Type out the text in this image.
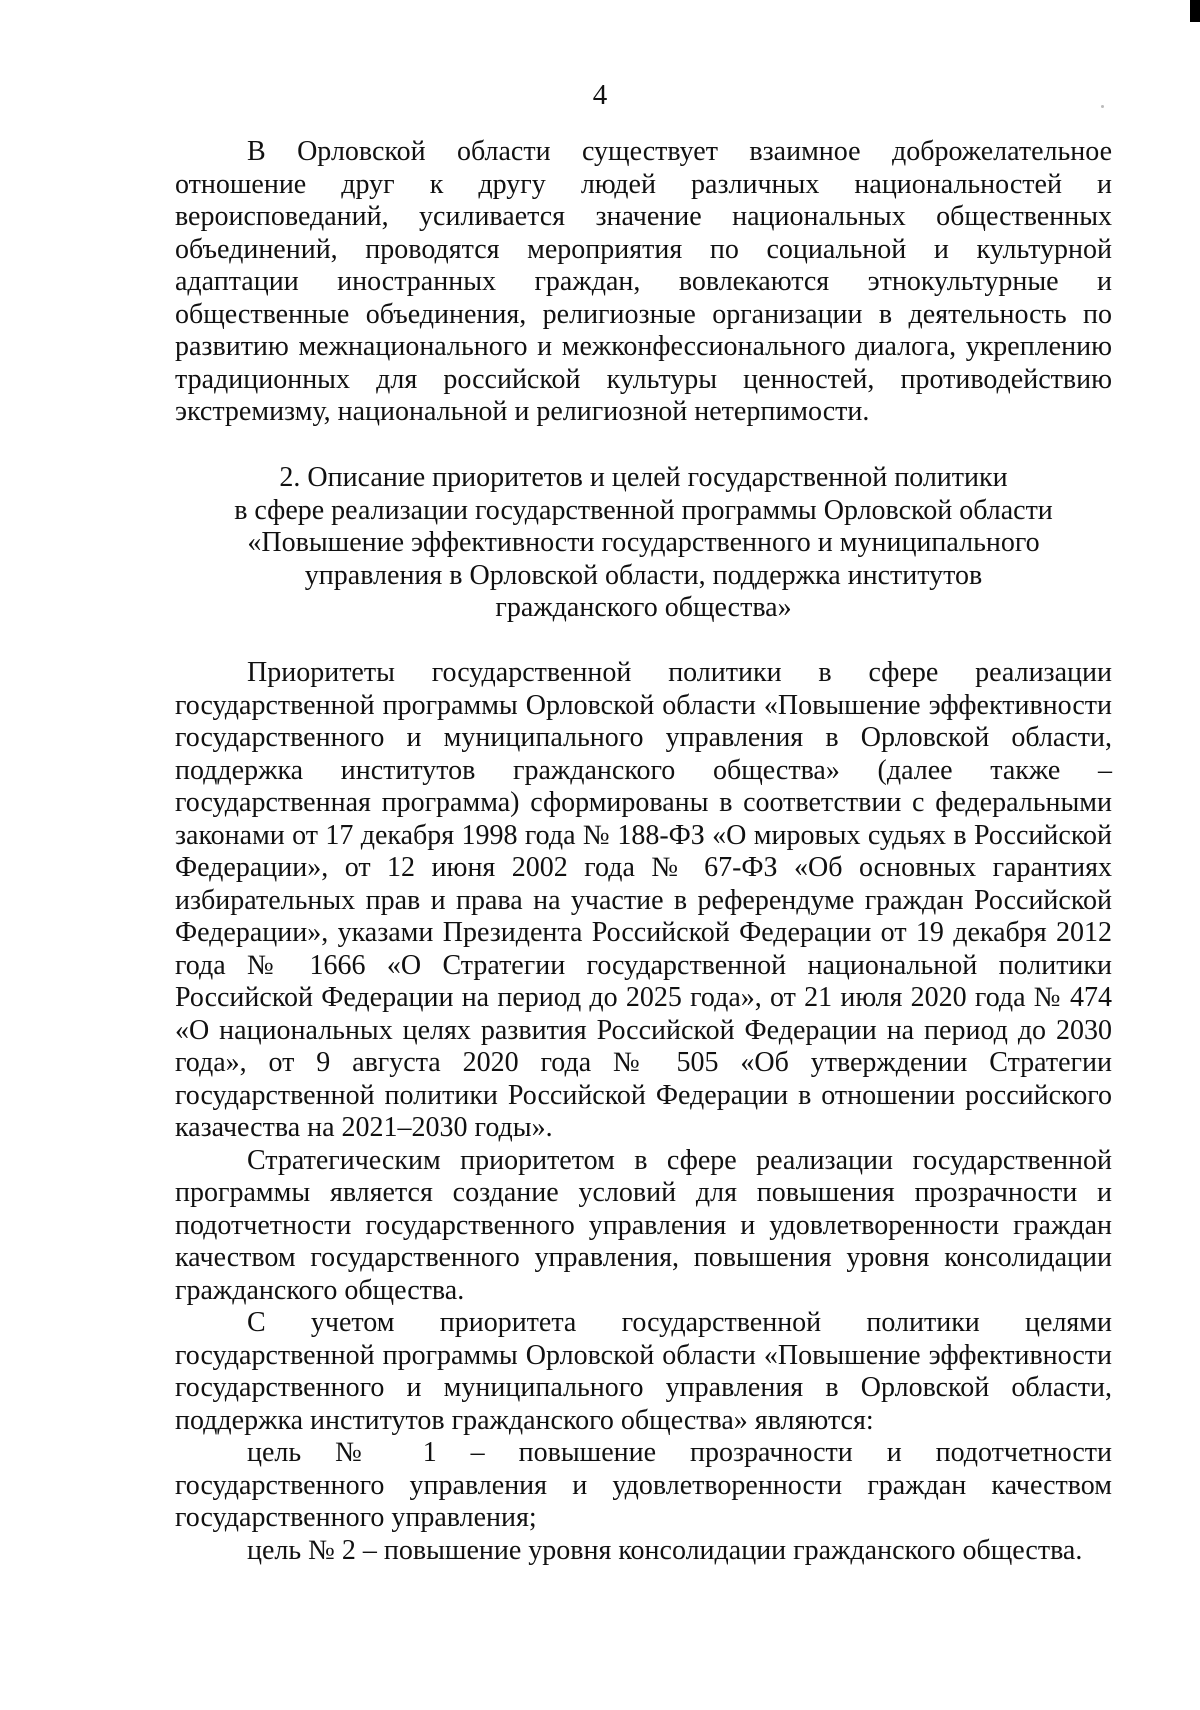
4

В Орловской области существует взаимное доброжелательное отношение друг к другу людей различных национальностей и вероисповеданий, усиливается значение национальных общественных объединений, проводятся мероприятия по социальной и культурной адаптации иностранных граждан, вовлекаются этнокультурные и общественные объединения, религиозные организации в деятельность по развитию межнационального и межконфессионального диалога, укреплению традиционных для российской культуры ценностей, противодействию экстремизму, национальной и религиозной нетерпимости.

2. Описание приоритетов и целей государственной политики
в сфере реализации государственной программы Орловской области
«Повышение эффективности государственного и муниципального
управления в Орловской области, поддержка институтов
гражданского общества»

Приоритеты государственной политики в сфере реализации государственной программы Орловской области «Повышение эффективности государственного и муниципального управления в Орловской области, поддержка институтов гражданского общества» (далее также – государственная программа) сформированы в соответствии с федеральными законами от 17 декабря 1998 года № 188-ФЗ «О мировых судьях в Российской Федерации», от 12 июня 2002 года № 67-ФЗ «Об основных гарантиях избирательных прав и права на участие в референдуме граждан Российской Федерации», указами Президента Российской Федерации от 19 декабря 2012 года № 1666 «О Стратегии государственной национальной политики Российской Федерации на период до 2025 года», от 21 июля 2020 года № 474 «О национальных целях развития Российской Федерации на период до 2030 года», от 9 августа 2020 года № 505 «Об утверждении Стратегии государственной политики Российской Федерации в отношении российского казачества на 2021–2030 годы».

Стратегическим приоритетом в сфере реализации государственной программы является создание условий для повышения прозрачности и подотчетности государственного управления и удовлетворенности граждан качеством государственного управления, повышения уровня консолидации гражданского общества.

С учетом приоритета государственной политики целями государственной программы Орловской области «Повышение эффективности государственного и муниципального управления в Орловской области, поддержка институтов гражданского общества» являются:

цель № 1 – повышение прозрачности и подотчетности государственного управления и удовлетворенности граждан качеством государственного управления;

цель № 2 – повышение уровня консолидации гражданского общества.
